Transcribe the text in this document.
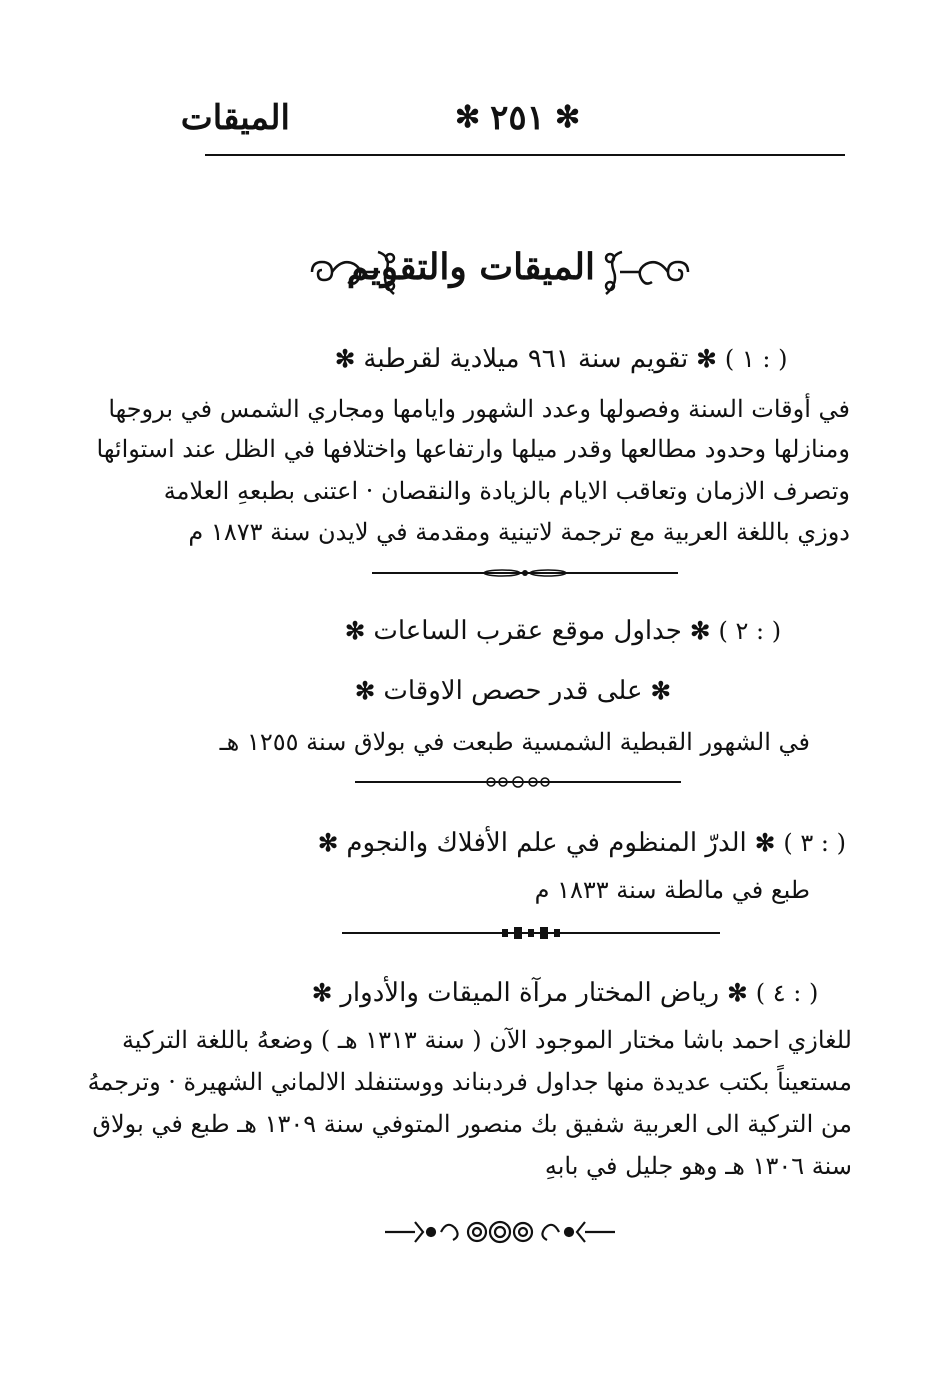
الميقات	✻ ٢٥١ ✻
الميقات والتقويم
✻ تقويم سنة ٩٦١ ميلادية لقرطبة ✻ ( ١ : )
في أوقات السنة وفصولها وعدد الشهور وايامها ومجاري الشمس في بروجها
ومنازلها وحدود مطالعها وقدر ميلها وارتفاعها واختلافها في الظل عند استوائها
وتصرف الازمان وتعاقب الايام بالزيادة والنقصان · اعتنى بطبعهِ العلامة
دوزي باللغة العربية مع ترجمة لاتينية ومقدمة في لايدن سنة ١٨٧٣ م
✻ جداول موقع عقرب الساعات ✻ ( ٢ : )
✻ على قدر حصص الاوقات ✻
في الشهور القبطية الشمسية طبعت في بولاق سنة ١٢٥٥ هـ
✻ الدرّ المنظوم في علم الأفلاك والنجوم ✻ ( ٣ : )
طبع في مالطة سنة ١٨٣٣ م
✻ رياض المختار مرآة الميقات والأدوار ✻ ( ٤ : )
للغازي احمد باشا مختار الموجود الآن ( سنة ١٣١٣ هـ ) وضعهُ باللغة التركية
مستعيناً بكتب عديدة منها جداول فردبناند ووستنفلد الالماني الشهيرة · وترجمهُ
من التركية الى العربية شفيق بك منصور المتوفي سنة ١٣٠٩ هـ طبع في بولاق
سنة ١٣٠٦ هـ وهو جليل في بابهِ
